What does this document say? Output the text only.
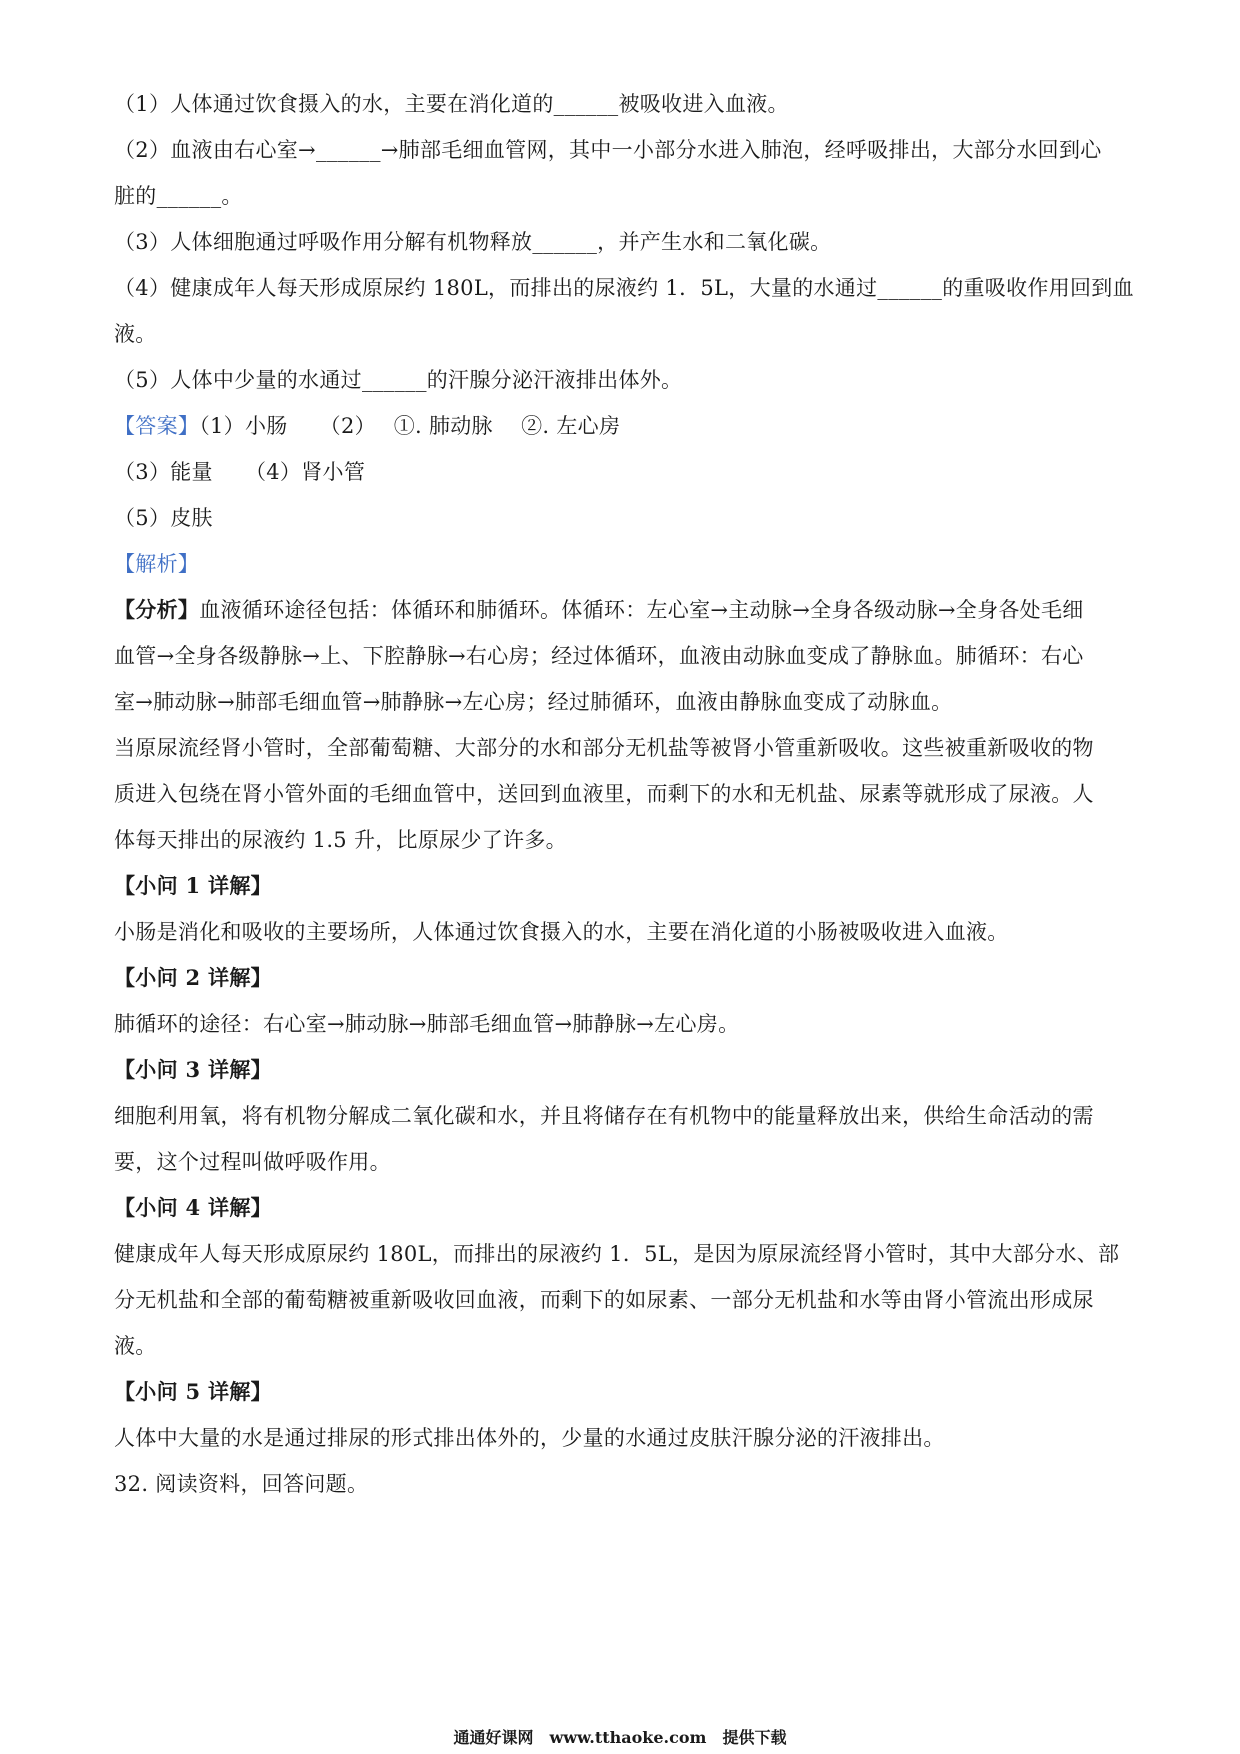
（1）人体通过饮食摄入的水，主要在消化道的______被吸收进入血液。
（2）血液由右心室→______→肺部毛细血管网，其中一小部分水进入肺泡，经呼吸排出，大部分水回到心
脏的______。
（3）人体细胞通过呼吸作用分解有机物释放______，并产生水和二氧化碳。
（4）健康成年人每天形成原尿约 180L，而排出的尿液约 1．5L，大量的水通过______的重吸收作用回到血
液。
（5）人体中少量的水通过______的汗腺分泌汗液排出体外。
【答案】（1）小肠　　（2）　 ①. 肺动脉　 ②. 左心房
（3）能量　　（4）肾小管
（5）皮肤
【解析】
【分析】血液循环途径包括：体循环和肺循环。体循环：左心室→主动脉→全身各级动脉→全身各处毛细
血管→全身各级静脉→上、下腔静脉→右心房；经过体循环，血液由动脉血变成了静脉血。肺循环：右心
室→肺动脉→肺部毛细血管→肺静脉→左心房；经过肺循环，血液由静脉血变成了动脉血。
当原尿流经肾小管时，全部葡萄糖、大部分的水和部分无机盐等被肾小管重新吸收。这些被重新吸收的物
质进入包绕在肾小管外面的毛细血管中，送回到血液里，而剩下的水和无机盐、尿素等就形成了尿液。人
体每天排出的尿液约 1.5 升，比原尿少了许多。
【小问 1 详解】
小肠是消化和吸收的主要场所，人体通过饮食摄入的水，主要在消化道的小肠被吸收进入血液。
【小问 2 详解】
肺循环的途径：右心室→肺动脉→肺部毛细血管→肺静脉→左心房。
【小问 3 详解】
细胞利用氧，将有机物分解成二氧化碳和水，并且将储存在有机物中的能量释放出来，供给生命活动的需
要，这个过程叫做呼吸作用。
【小问 4 详解】
健康成年人每天形成原尿约 180L，而排出的尿液约 1．5L，是因为原尿流经肾小管时，其中大部分水、部
分无机盐和全部的葡萄糖被重新吸收回血液，而剩下的如尿素、一部分无机盐和水等由肾小管流出形成尿
液。
【小问 5 详解】
人体中大量的水是通过排尿的形式排出体外的，少量的水通过皮肤汗腺分泌的汗液排出。
32. 阅读资料，回答问题。
通通好课网　www.tthaoke.com　提供下载
